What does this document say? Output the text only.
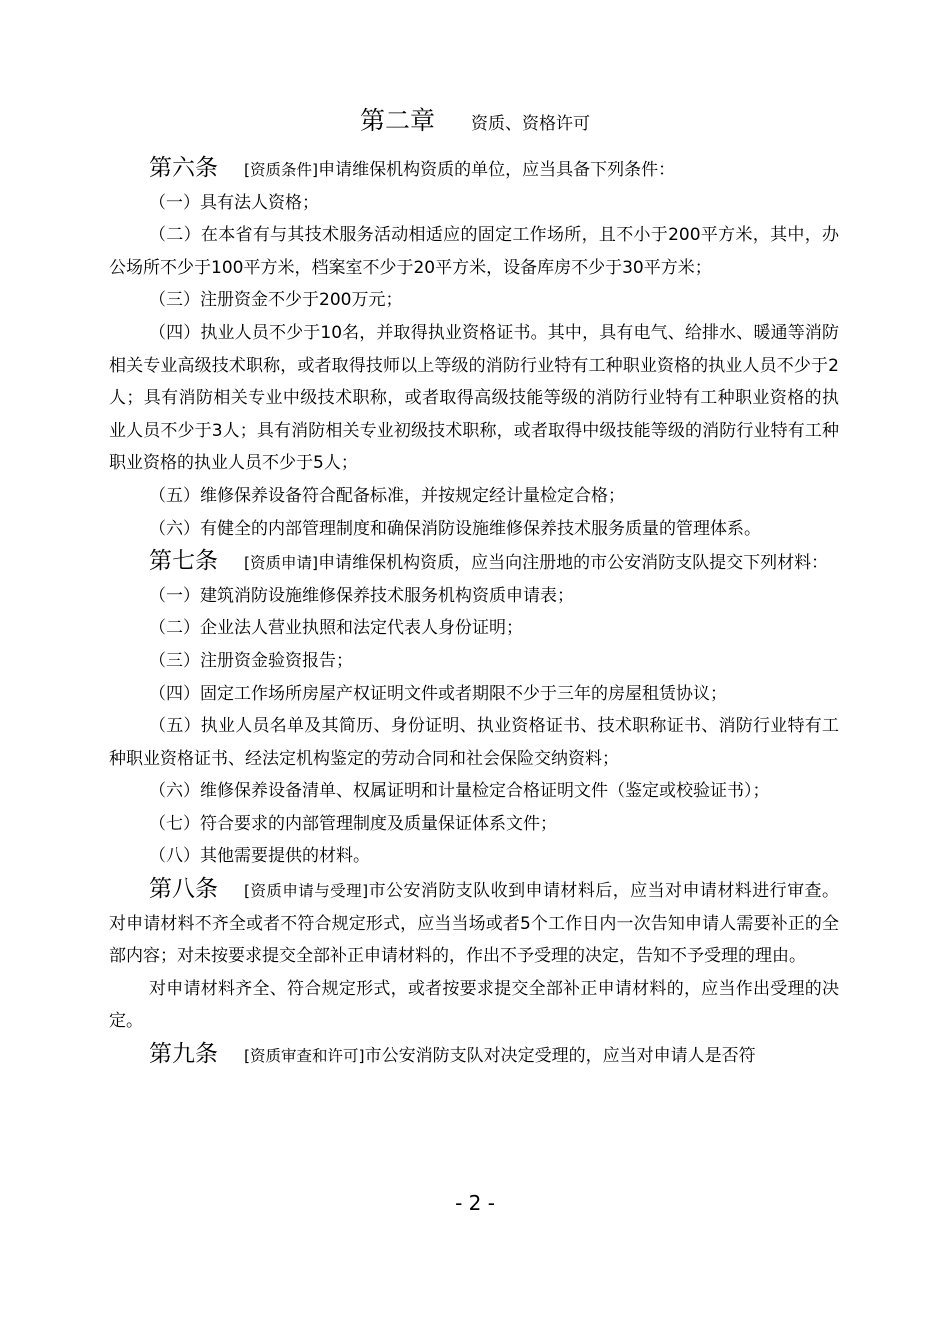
第二章 资质、资格许可

第六条 [资质条件]申请维保机构资质的单位，应当具备下列条件：

（一）具有法人资格；

（二）在本省有与其技术服务活动相适应的固定工作场所，且不小于200平方米，其中，办公场所不少于100平方米，档案室不少于20平方米，设备库房不少于30平方米；

（三）注册资金不少于200万元；

（四）执业人员不少于10名，并取得执业资格证书。其中，具有电气、给排水、暖通等消防相关专业高级技术职称，或者取得技师以上等级的消防行业特有工种职业资格的执业人员不少于2人；具有消防相关专业中级技术职称，或者取得高级技能等级的消防行业特有工种职业资格的执业人员不少于3人；具有消防相关专业初级技术职称，或者取得中级技能等级的消防行业特有工种职业资格的执业人员不少于5人；

（五）维修保养设备符合配备标准，并按规定经计量检定合格；

（六）有健全的内部管理制度和确保消防设施维修保养技术服务质量的管理体系。

第七条 [资质申请]申请维保机构资质，应当向注册地的市公安消防支队提交下列材料：

（一）建筑消防设施维修保养技术服务机构资质申请表；

（二）企业法人营业执照和法定代表人身份证明；

（三）注册资金验资报告；

（四）固定工作场所房屋产权证明文件或者期限不少于三年的房屋租赁协议；

（五）执业人员名单及其简历、身份证明、执业资格证书、技术职称证书、消防行业特有工种职业资格证书、经法定机构鉴定的劳动合同和社会保险交纳资料；

（六）维修保养设备清单、权属证明和计量检定合格证明文件（鉴定或校验证书）；

（七）符合要求的内部管理制度及质量保证体系文件；

（八）其他需要提供的材料。

第八条 [资质申请与受理]市公安消防支队收到申请材料后，应当对申请材料进行审查。对申请材料不齐全或者不符合规定形式，应当当场或者5个工作日内一次告知申请人需要补正的全部内容；对未按要求提交全部补正申请材料的，作出不予受理的决定，告知不予受理的理由。

对申请材料齐全、符合规定形式，或者按要求提交全部补正申请材料的，应当作出受理的决定。

第九条 [资质审查和许可]市公安消防支队对决定受理的，应当对申请人是否符

- 2 -
